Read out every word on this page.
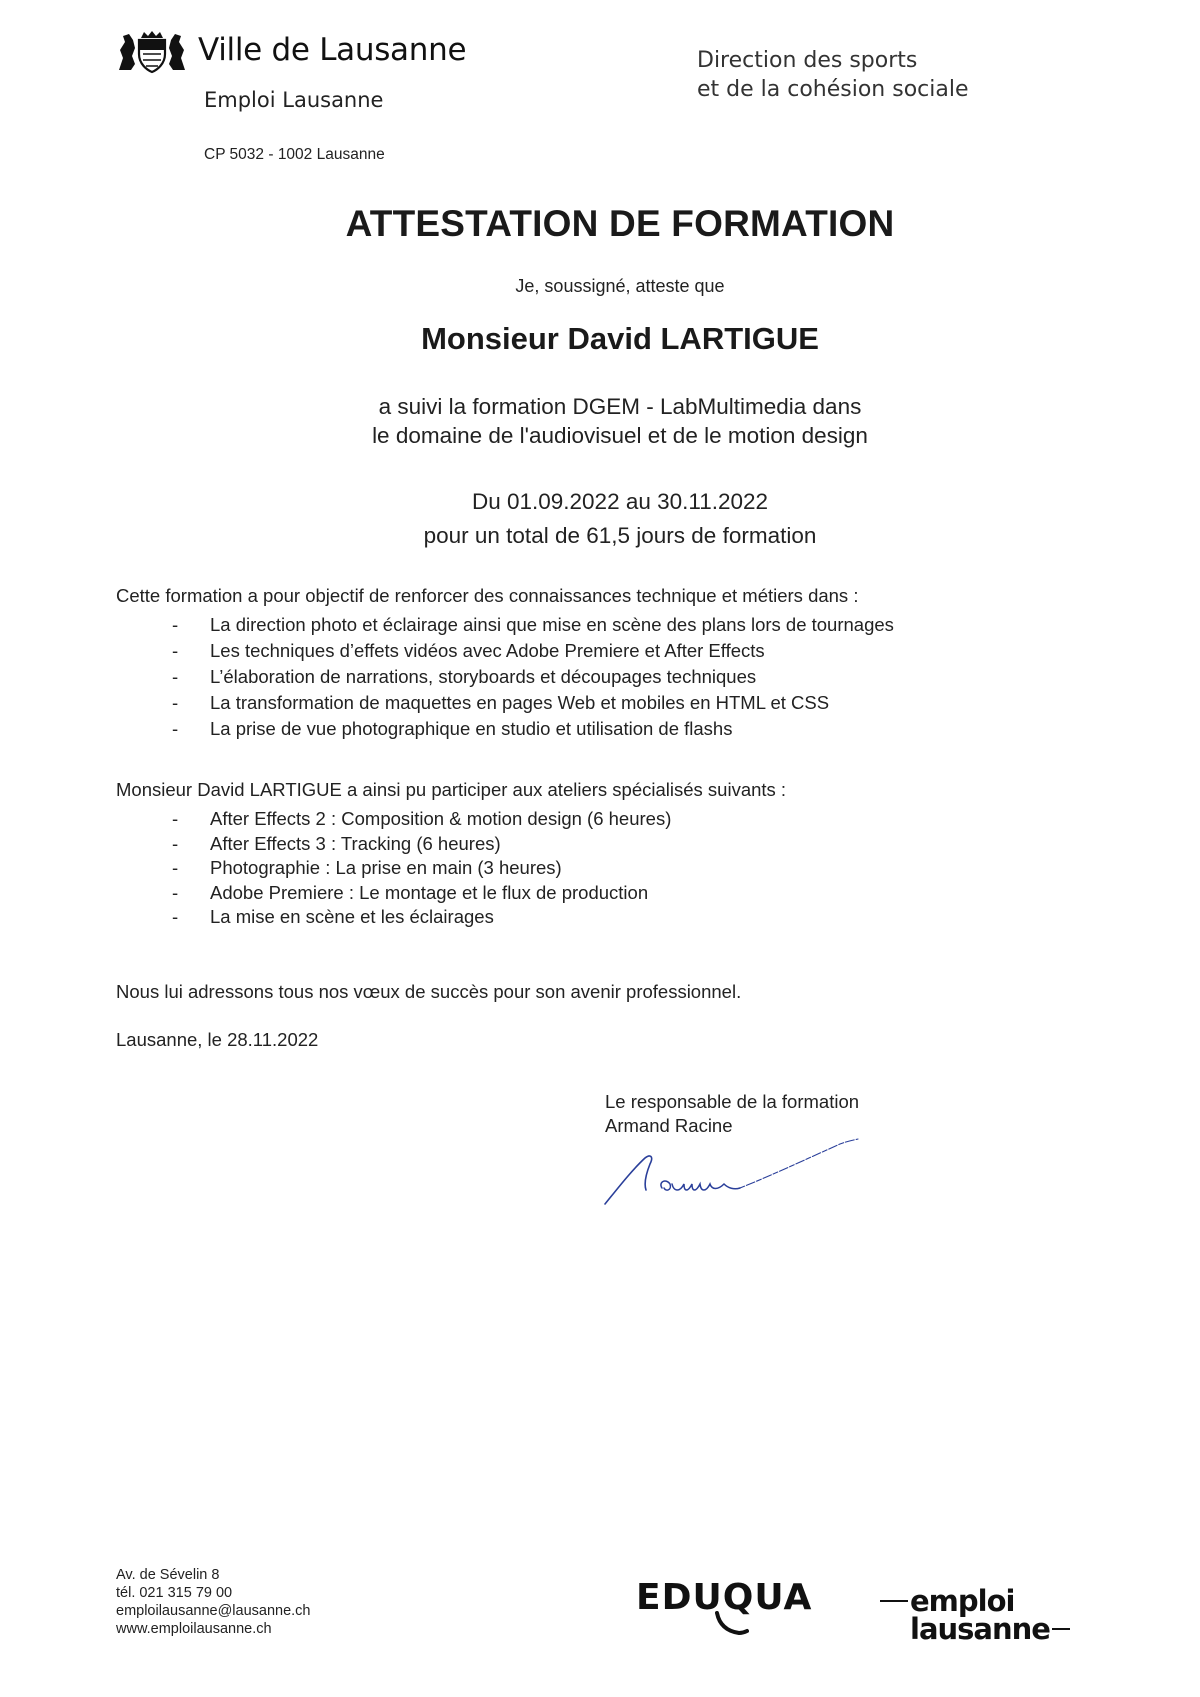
Ville de Lausanne
Emploi Lausanne
Direction des sports
et de la cohésion sociale
CP 5032 - 1002 Lausanne
ATTESTATION DE FORMATION
Je, soussigné, atteste que
Monsieur David LARTIGUE
a suivi la formation DGEM - LabMultimedia dans
le domaine de l'audiovisuel et de le motion design
Du 01.09.2022 au 30.11.2022
pour un total de 61,5 jours de formation
Cette formation a pour objectif de renforcer des connaissances technique et métiers dans :
- La direction photo et éclairage ainsi que mise en scène des plans lors de tournages
- Les techniques d’effets vidéos avec Adobe Premiere et After Effects
- L’élaboration de narrations, storyboards et découpages techniques
- La transformation de maquettes en pages Web et mobiles en HTML et CSS
- La prise de vue photographique en studio et utilisation de flashs
Monsieur David LARTIGUE a ainsi pu participer aux ateliers spécialisés suivants :
- After Effects 2 : Composition & motion design (6 heures)
- After Effects 3 : Tracking (6 heures)
- Photographie : La prise en main (3 heures)
- Adobe Premiere : Le montage et le flux de production
- La mise en scène et les éclairages
Nous lui adressons tous nos vœux de succès pour son avenir professionnel.
Lausanne, le 28.11.2022
Le responsable de la formation
Armand Racine
Av. de Sévelin 8
tél. 021 315 79 00
emploilausanne@lausanne.ch
www.emploilausanne.ch
EDUQUA	emploi
lausanne
